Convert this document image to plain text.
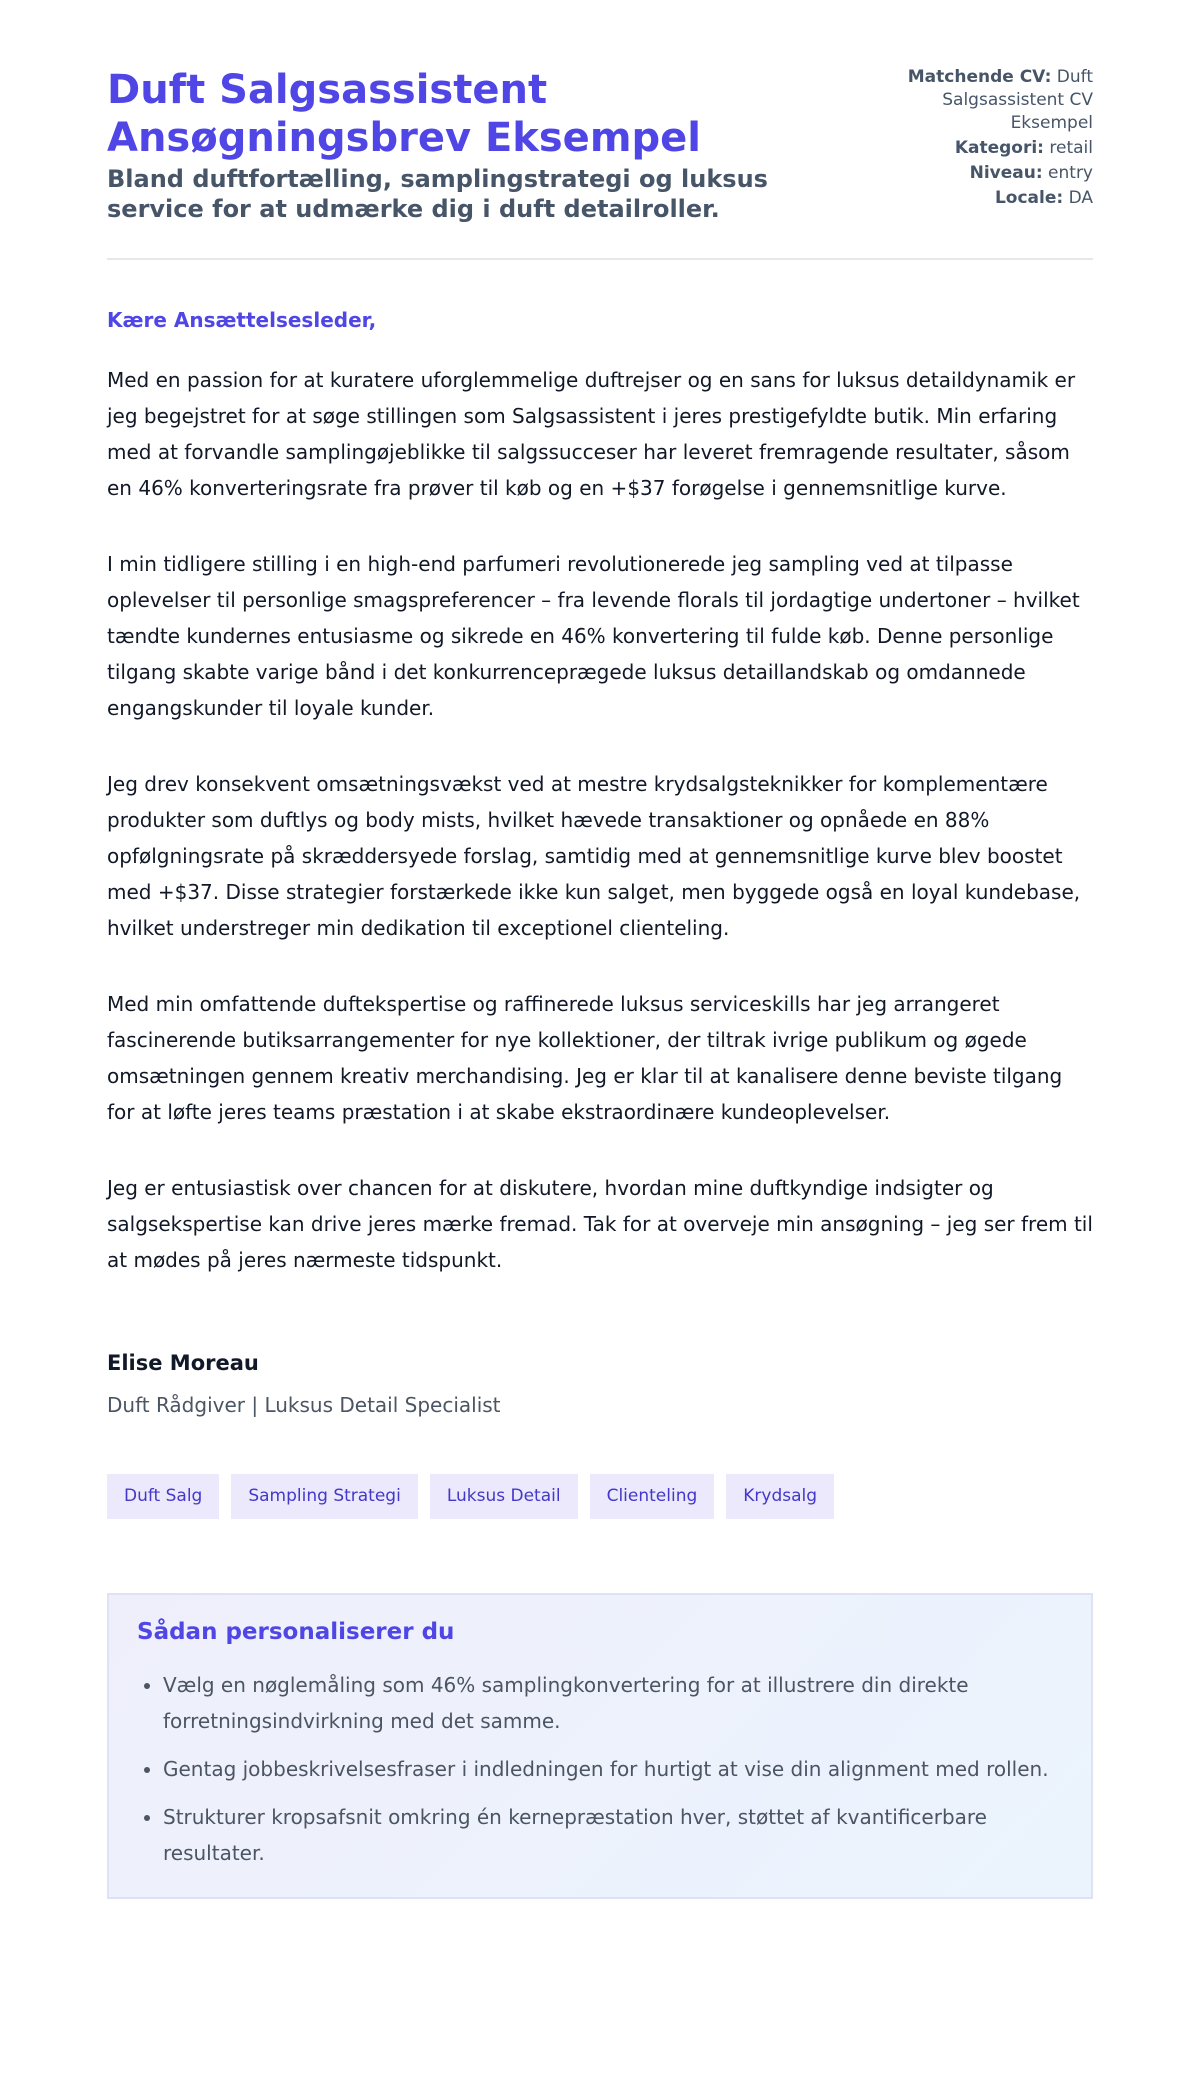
Duft Salgsassistent Ansøgningsbrev Eksempel
Bland duftfortælling, samplingstrategi og luksus service for at udmærke dig i duft detailroller.
Matchende CV: Duft Salgsassistent CV Eksempel
Kategori: retail
Niveau: entry
Locale: DA

Kære Ansættelsesleder,

Med en passion for at kuratere uforglemmelige duftrejser og en sans for luksus detaildynamik er jeg begejstret for at søge stillingen som Salgsassistent i jeres prestigefyldte butik. Min erfaring med at forvandle samplingøjeblikke til salgssucceser har leveret fremragende resultater, såsom en 46% konverteringsrate fra prøver til køb og en +$37 forøgelse i gennemsnitlige kurve.

I min tidligere stilling i en high-end parfumeri revolutionerede jeg sampling ved at tilpasse oplevelser til personlige smagspreferencer – fra levende florals til jordagtige undertoner – hvilket tændte kundernes entusiasme og sikrede en 46% konvertering til fulde køb. Denne personlige tilgang skabte varige bånd i det konkurrenceprægede luksus detaillandskab og omdannede engangskunder til loyale kunder.

Jeg drev konsekvent omsætningsvækst ved at mestre krydsalgsteknikker for komplementære produkter som duftlys og body mists, hvilket hævede transaktioner og opnåede en 88% opfølgningsrate på skræddersyede forslag, samtidig med at gennemsnitlige kurve blev boostet med +$37. Disse strategier forstærkede ikke kun salget, men byggede også en loyal kundebase, hvilket understreger min dedikation til exceptionel clienteling.

Med min omfattende duftekspertise og raffinerede luksus serviceskills har jeg arrangeret fascinerende butiksarrangementer for nye kollektioner, der tiltrak ivrige publikum og øgede omsætningen gennem kreativ merchandising. Jeg er klar til at kanalisere denne beviste tilgang for at løfte jeres teams præstation i at skabe ekstraordinære kundeoplevelser.

Jeg er entusiastisk over chancen for at diskutere, hvordan mine duftkyndige indsigter og salgsekspertise kan drive jeres mærke fremad. Tak for at overveje min ansøgning – jeg ser frem til at mødes på jeres nærmeste tidspunkt.

Elise Moreau
Duft Rådgiver | Luksus Detail Specialist
Duft Salg	Sampling Strategi	Luksus Detail	Clienteling	Krydsalg
Sådan personaliserer du
• Vælg en nøglemåling som 46% samplingkonvertering for at illustrere din direkte forretningsindvirkning med det samme.
• Gentag jobbeskrivelsesfraser i indledningen for hurtigt at vise din alignment med rollen.
• Strukturer kropsafsnit omkring én kernepræstation hver, støttet af kvantificerbare resultater.
